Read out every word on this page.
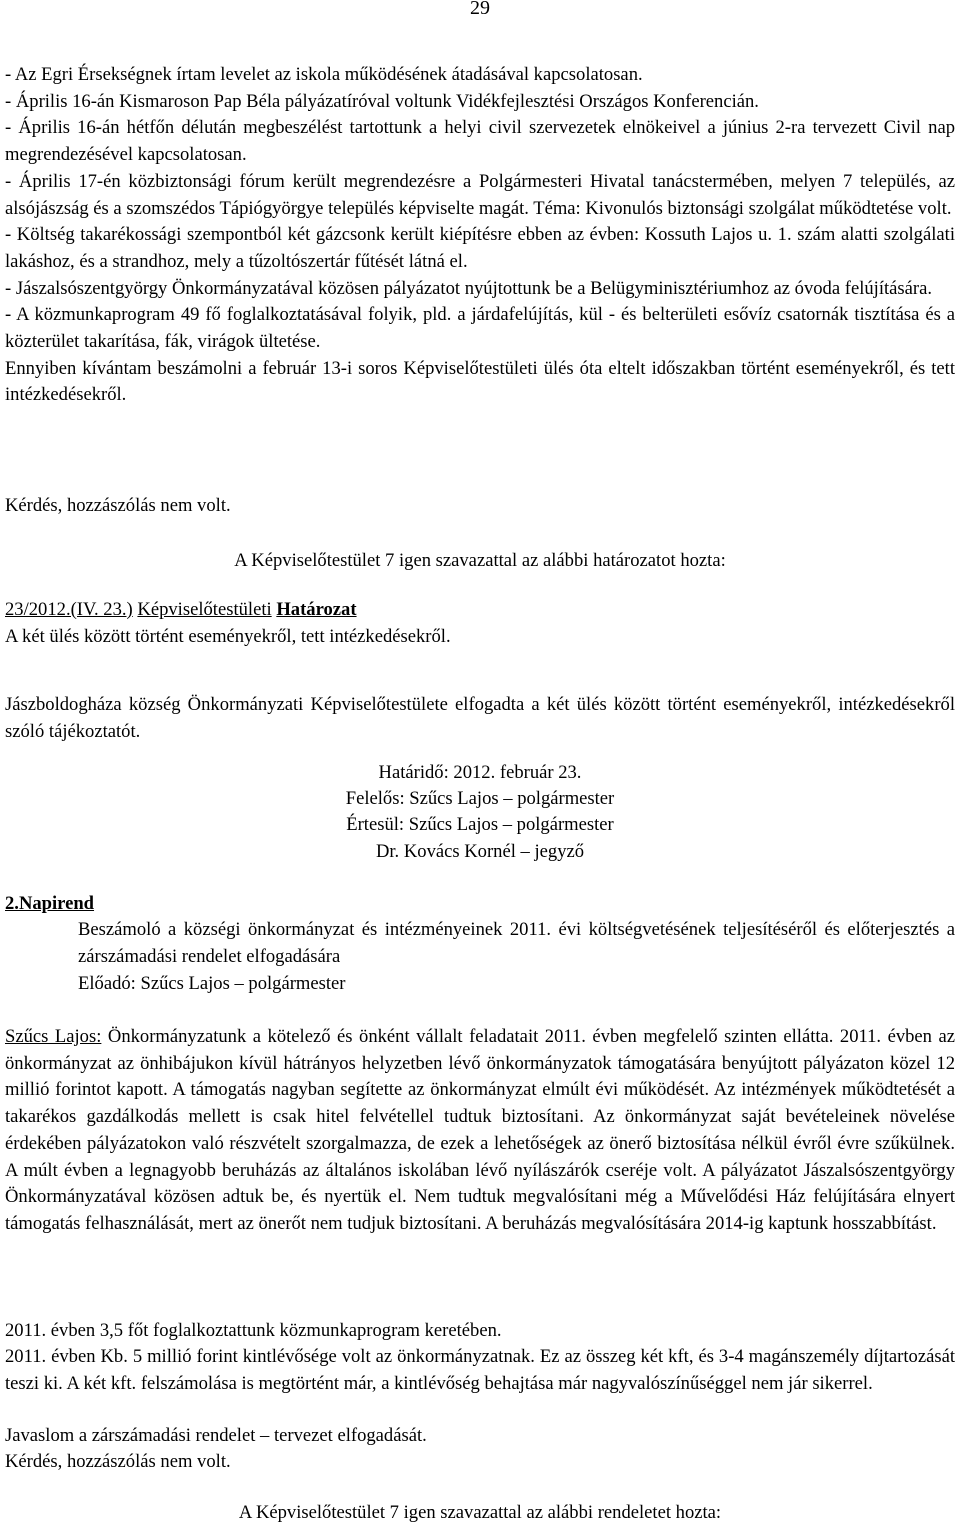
29

- Az Egri Érsekségnek írtam levelet az iskola működésének átadásával kapcsolatosan.

- Április 16-án Kismaroson Pap Béla pályázatíróval voltunk Vidékfejlesztési Országos Konferencián.

- Április 16-án hétfőn délután megbeszélést tartottunk a helyi civil szervezetek elnökeivel a június 2-ra tervezett Civil nap megrendezésével kapcsolatosan.

- Április 17-én közbiztonsági fórum került megrendezésre a Polgármesteri Hivatal tanácstermében, melyen 7 település, az alsójászság és a szomszédos Tápiógyörgye település képviselte magát. Téma: Kivonulós biztonsági szolgálat működtetése volt.

- Költség takarékossági szempontból két gázcsonk került kiépítésre ebben az évben: Kossuth Lajos u. 1. szám alatti szolgálati lakáshoz, és a strandhoz, mely a tűzoltószertár fűtését látná el.

- Jászalsószentgyörgy Önkormányzatával közösen pályázatot nyújtottunk be a Belügyminisztériumhoz az óvoda felújítására.

- A közmunkaprogram 49 fő foglalkoztatásával folyik, pld. a járdafelújítás, kül - és belterületi esővíz csatornák tisztítása és a közterület takarítása, fák, virágok ültetése.

Ennyiben kívántam beszámolni a február 13-i soros Képviselőtestületi ülés óta eltelt időszakban történt eseményekről, és tett intézkedésekről.

Kérdés, hozzászólás nem volt.
A Képviselőtestület 7 igen szavazattal az alábbi határozatot hozta:
23/2012.(IV. 23.) Képviselőtestületi Határozat
A két ülés között történt eseményekről, tett intézkedésekről.
Jászboldogháza község Önkormányzati Képviselőtestülete elfogadta a két ülés között történt eseményekről, intézkedésekről szóló tájékoztatót.
Határidő: 2012. február 23.
Felelős: Szűcs Lajos – polgármester
Értesül: Szűcs Lajos – polgármester
Dr. Kovács Kornél – jegyző
2.Napirend
Beszámoló a községi önkormányzat és intézményeinek 2011. évi költségvetésének teljesítéséről és előterjesztés a zárszámadási rendelet elfogadására
Előadó: Szűcs Lajos – polgármester
Szűcs Lajos: Önkormányzatunk a kötelező és önként vállalt feladatait 2011. évben megfelelő szinten ellátta. 2011. évben az önkormányzat az önhibájukon kívül hátrányos helyzetben lévő önkormányzatok támogatására benyújtott pályázaton közel 12 millió forintot kapott. A támogatás nagyban segítette az önkormányzat elmúlt évi működését. Az intézmények működtetését a takarékos gazdálkodás mellett is csak hitel felvétellel tudtuk biztosítani. Az önkormányzat saját bevételeinek növelése érdekében pályázatokon való részvételt szorgalmazza, de ezek a lehetőségek az önerő biztosítása nélkül évről évre szűkülnek. A múlt évben a legnagyobb beruházás az általános iskolában lévő nyílászárók cseréje volt. A pályázatot Jászalsószentgyörgy Önkormányzatával közösen adtuk be, és nyertük el. Nem tudtuk megvalósítani még a Művelődési Ház felújítására elnyert támogatás felhasználását, mert az önerőt nem tudjuk biztosítani. A beruházás megvalósítására 2014-ig kaptunk hosszabbítást.
2011. évben 3,5 főt foglalkoztattunk közmunkaprogram keretében.
2011. évben Kb. 5 millió forint kintlévősége volt az önkormányzatnak. Ez az összeg két kft, és 3-4 magánszemély díjtartozását teszi ki. A két kft. felszámolása is megtörtént már, a kintlévőség behajtása már nagyvalószínűséggel nem jár sikerrel.
Javaslom a zárszámadási rendelet – tervezet elfogadását.
Kérdés, hozzászólás nem volt.
A Képviselőtestület 7 igen szavazattal az alábbi rendeletet hozta:
